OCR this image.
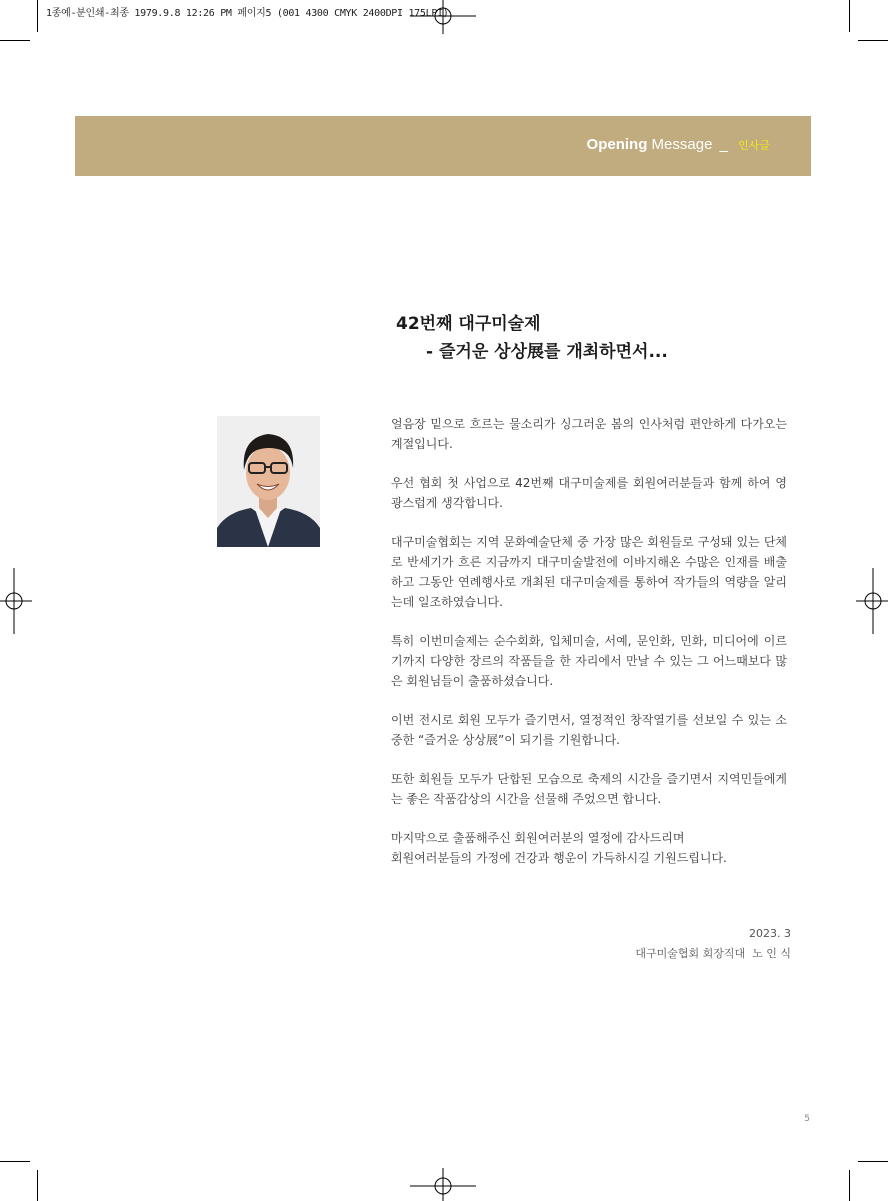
1종예-분인쇄-최종 1979.9.8 12:26 PM 페이지5 (001 4300 CMYK 2400DPI 175LPI)
Opening Message _ 인사글
42번째 대구미술제
- 즐거운 상상展를 개최하면서...

얼음장 밑으로 흐르는 물소리가 싱그러운 봄의 인사처럼 편안하게 다가오는 계절입니다.

우선 협회 첫 사업으로 42번째 대구미술제를 회원여러분들과 함께 하여 영광스럽게 생각합니다.

대구미술협회는 지역 문화예술단체 중 가장 많은 회원들로 구성돼 있는 단체로 반세기가 흐른 지금까지 대구미술발전에 이바지해온 수많은 인재를 배출하고 그동안 연례행사로 개최된 대구미술제를 통하여 작가들의 역량을 알리는데 일조하였습니다.

특히 이번미술제는 순수회화, 입체미술, 서예, 문인화, 민화, 미디어에 이르기까지 다양한 장르의 작품들을 한 자리에서 만날 수 있는 그 어느때보다 많은 회원님들이 출품하셨습니다.

이번 전시로 회원 모두가 즐기면서, 열정적인 창작열기를 선보일 수 있는 소중한 “즐거운 상상展”이 되기를 기원합니다.

또한 회원들 모두가 단합된 모습으로 축제의 시간을 즐기면서 지역민들에게는 좋은 작품감상의 시간을 선물해 주었으면 합니다.

마지막으로 출품해주신 회원여러분의 열정에 감사드리며
회원여러분들의 가정에 건강과 행운이 가득하시길 기원드립니다.

2023. 3
대구미술협회 회장직대  노 인 식
5
